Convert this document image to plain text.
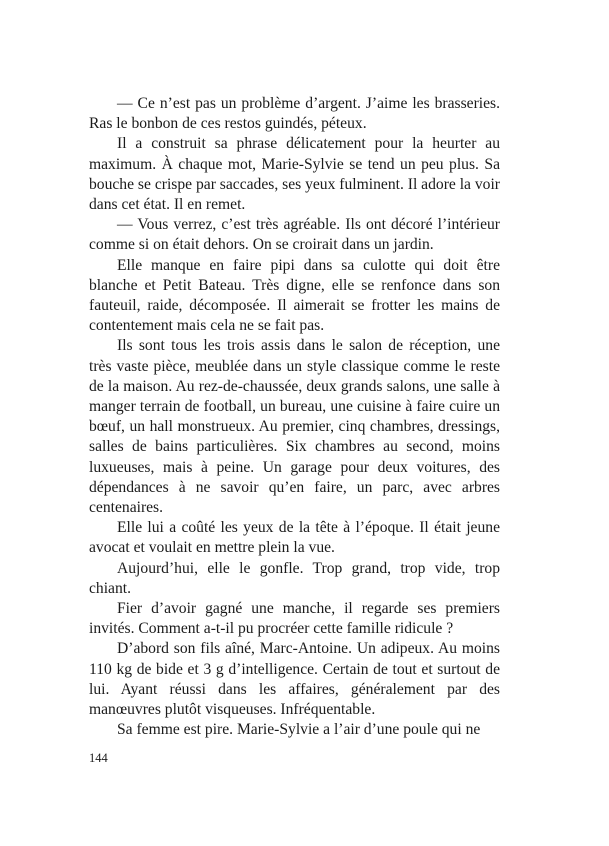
— Ce n’est pas un problème d’argent. J’aime les brasseries. Ras le bonbon de ces restos guindés, péteux.

Il a construit sa phrase délicatement pour la heurter au maximum. À chaque mot, Marie-Sylvie se tend un peu plus. Sa bouche se crispe par saccades, ses yeux fulminent. Il adore la voir dans cet état. Il en remet.

— Vous verrez, c’est très agréable. Ils ont décoré l’intérieur comme si on était dehors. On se croirait dans un jardin.

Elle manque en faire pipi dans sa culotte qui doit être blanche et Petit Bateau. Très digne, elle se renfonce dans son fauteuil, raide, décomposée. Il aimerait se frotter les mains de contentement mais cela ne se fait pas.

Ils sont tous les trois assis dans le salon de réception, une très vaste pièce, meublée dans un style classique comme le reste de la maison. Au rez-de-chaussée, deux grands salons, une salle à manger terrain de football, un bureau, une cuisine à faire cuire un bœuf, un hall monstrueux. Au premier, cinq chambres, dressings, salles de bains particulières. Six chambres au second, moins luxueuses, mais à peine. Un garage pour deux voitures, des dépendances à ne savoir qu’en faire, un parc, avec arbres centenaires.

Elle lui a coûté les yeux de la tête à l’époque. Il était jeune avocat et voulait en mettre plein la vue.

Aujourd’hui, elle le gonfle. Trop grand, trop vide, trop chiant.

Fier d’avoir gagné une manche, il regarde ses premiers invités. Comment a-t-il pu procréer cette famille ridicule ?

D’abord son fils aîné, Marc-Antoine. Un adipeux. Au moins 110 kg de bide et 3 g d’intelligence. Certain de tout et surtout de lui. Ayant réussi dans les affaires, généralement par des manœuvres plutôt visqueuses. Infréquentable.

Sa femme est pire. Marie-Sylvie a l’air d’une poule qui ne

144
